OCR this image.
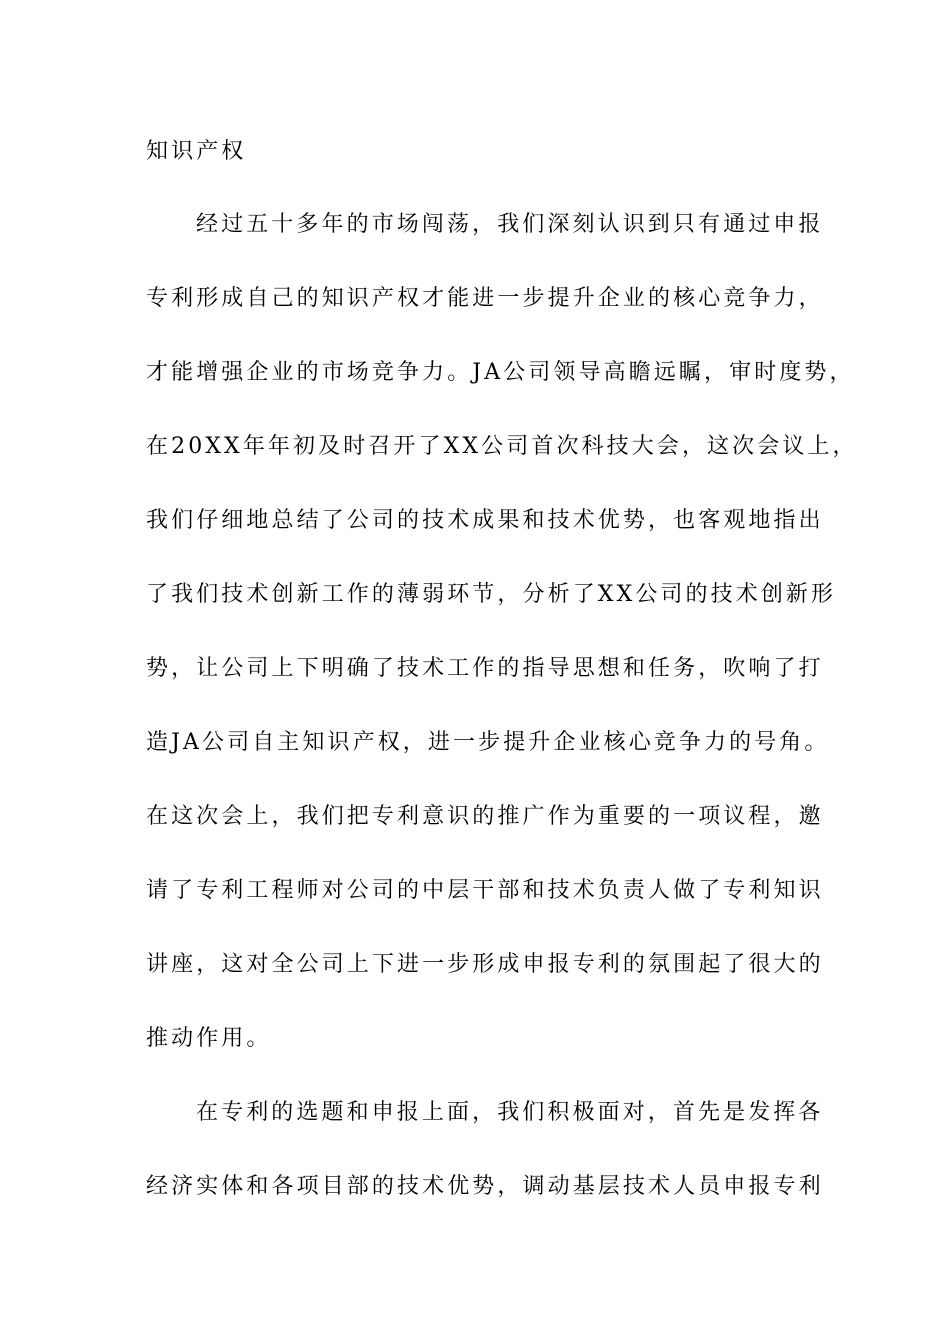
知识产权
经过五十多年的市场闯荡，我们深刻认识到只有通过申报
专利形成自己的知识产权才能进一步提升企业的核心竞争力，
才能增强企业的市场竞争力。JA公司领导高瞻远瞩，审时度势，
在20XX年年初及时召开了XX公司首次科技大会，这次会议上，
我们仔细地总结了公司的技术成果和技术优势，也客观地指出
了我们技术创新工作的薄弱环节，分析了XX公司的技术创新形
势，让公司上下明确了技术工作的指导思想和任务，吹响了打
造JA公司自主知识产权，进一步提升企业核心竞争力的号角。
在这次会上，我们把专利意识的推广作为重要的一项议程，邀
请了专利工程师对公司的中层干部和技术负责人做了专利知识
讲座，这对全公司上下进一步形成申报专利的氛围起了很大的
推动作用。
在专利的选题和申报上面，我们积极面对，首先是发挥各
经济实体和各项目部的技术优势，调动基层技术人员申报专利
